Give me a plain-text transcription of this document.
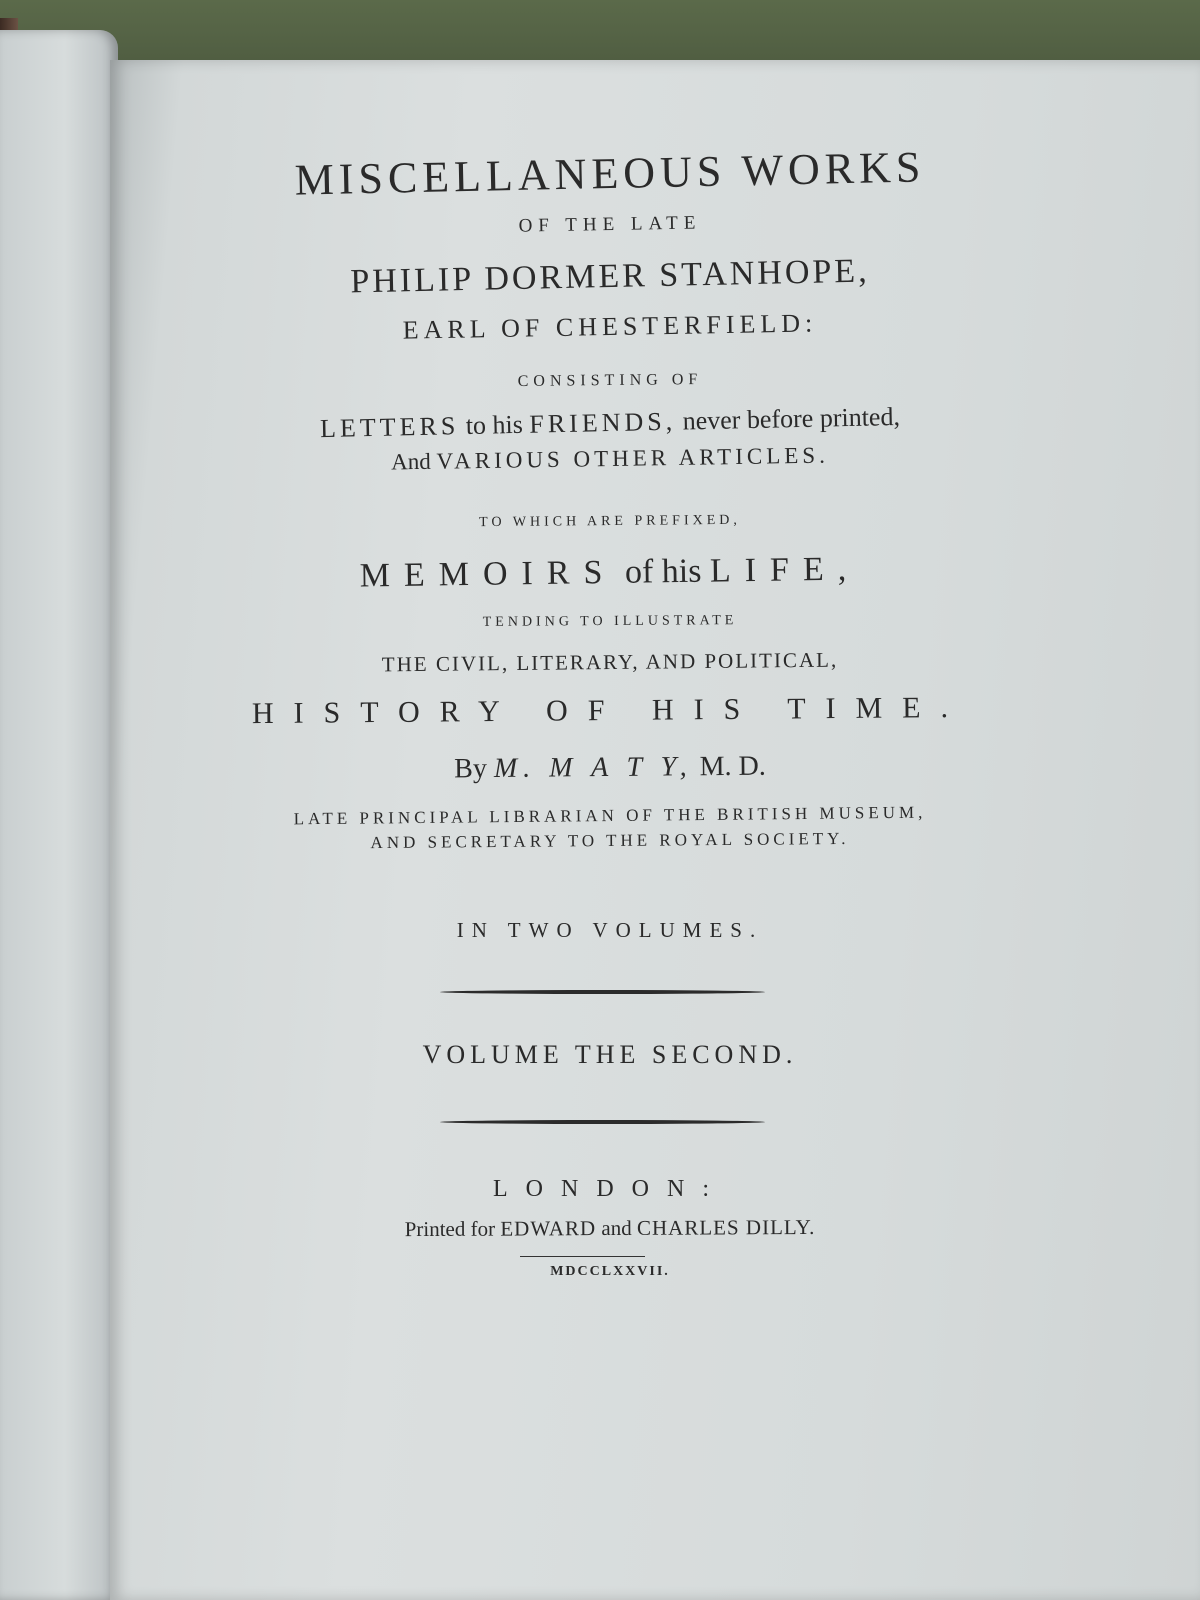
MISCELLANEOUS WORKS
OF THE LATE
PHILIP DORMER STANHOPE,
EARL OF CHESTERFIELD:
CONSISTING OF
LETTERS to his FRIENDS, never before printed,
And VARIOUS OTHER ARTICLES.
TO WHICH ARE PREFIXED,
MEMOIRS of his LIFE,
TENDING TO ILLUSTRATE
THE CIVIL, LITERARY, AND POLITICAL,
HISTORY OF HIS TIME.
By M. M A T Y, M. D.
LATE PRINCIPAL LIBRARIAN OF THE BRITISH MUSEUM,
AND SECRETARY TO THE ROYAL SOCIETY.
IN TWO VOLUMES.
VOLUME THE SECOND.
LONDON:
Printed for EDWARD and CHARLES DILLY.
MDCCLXXVII.
